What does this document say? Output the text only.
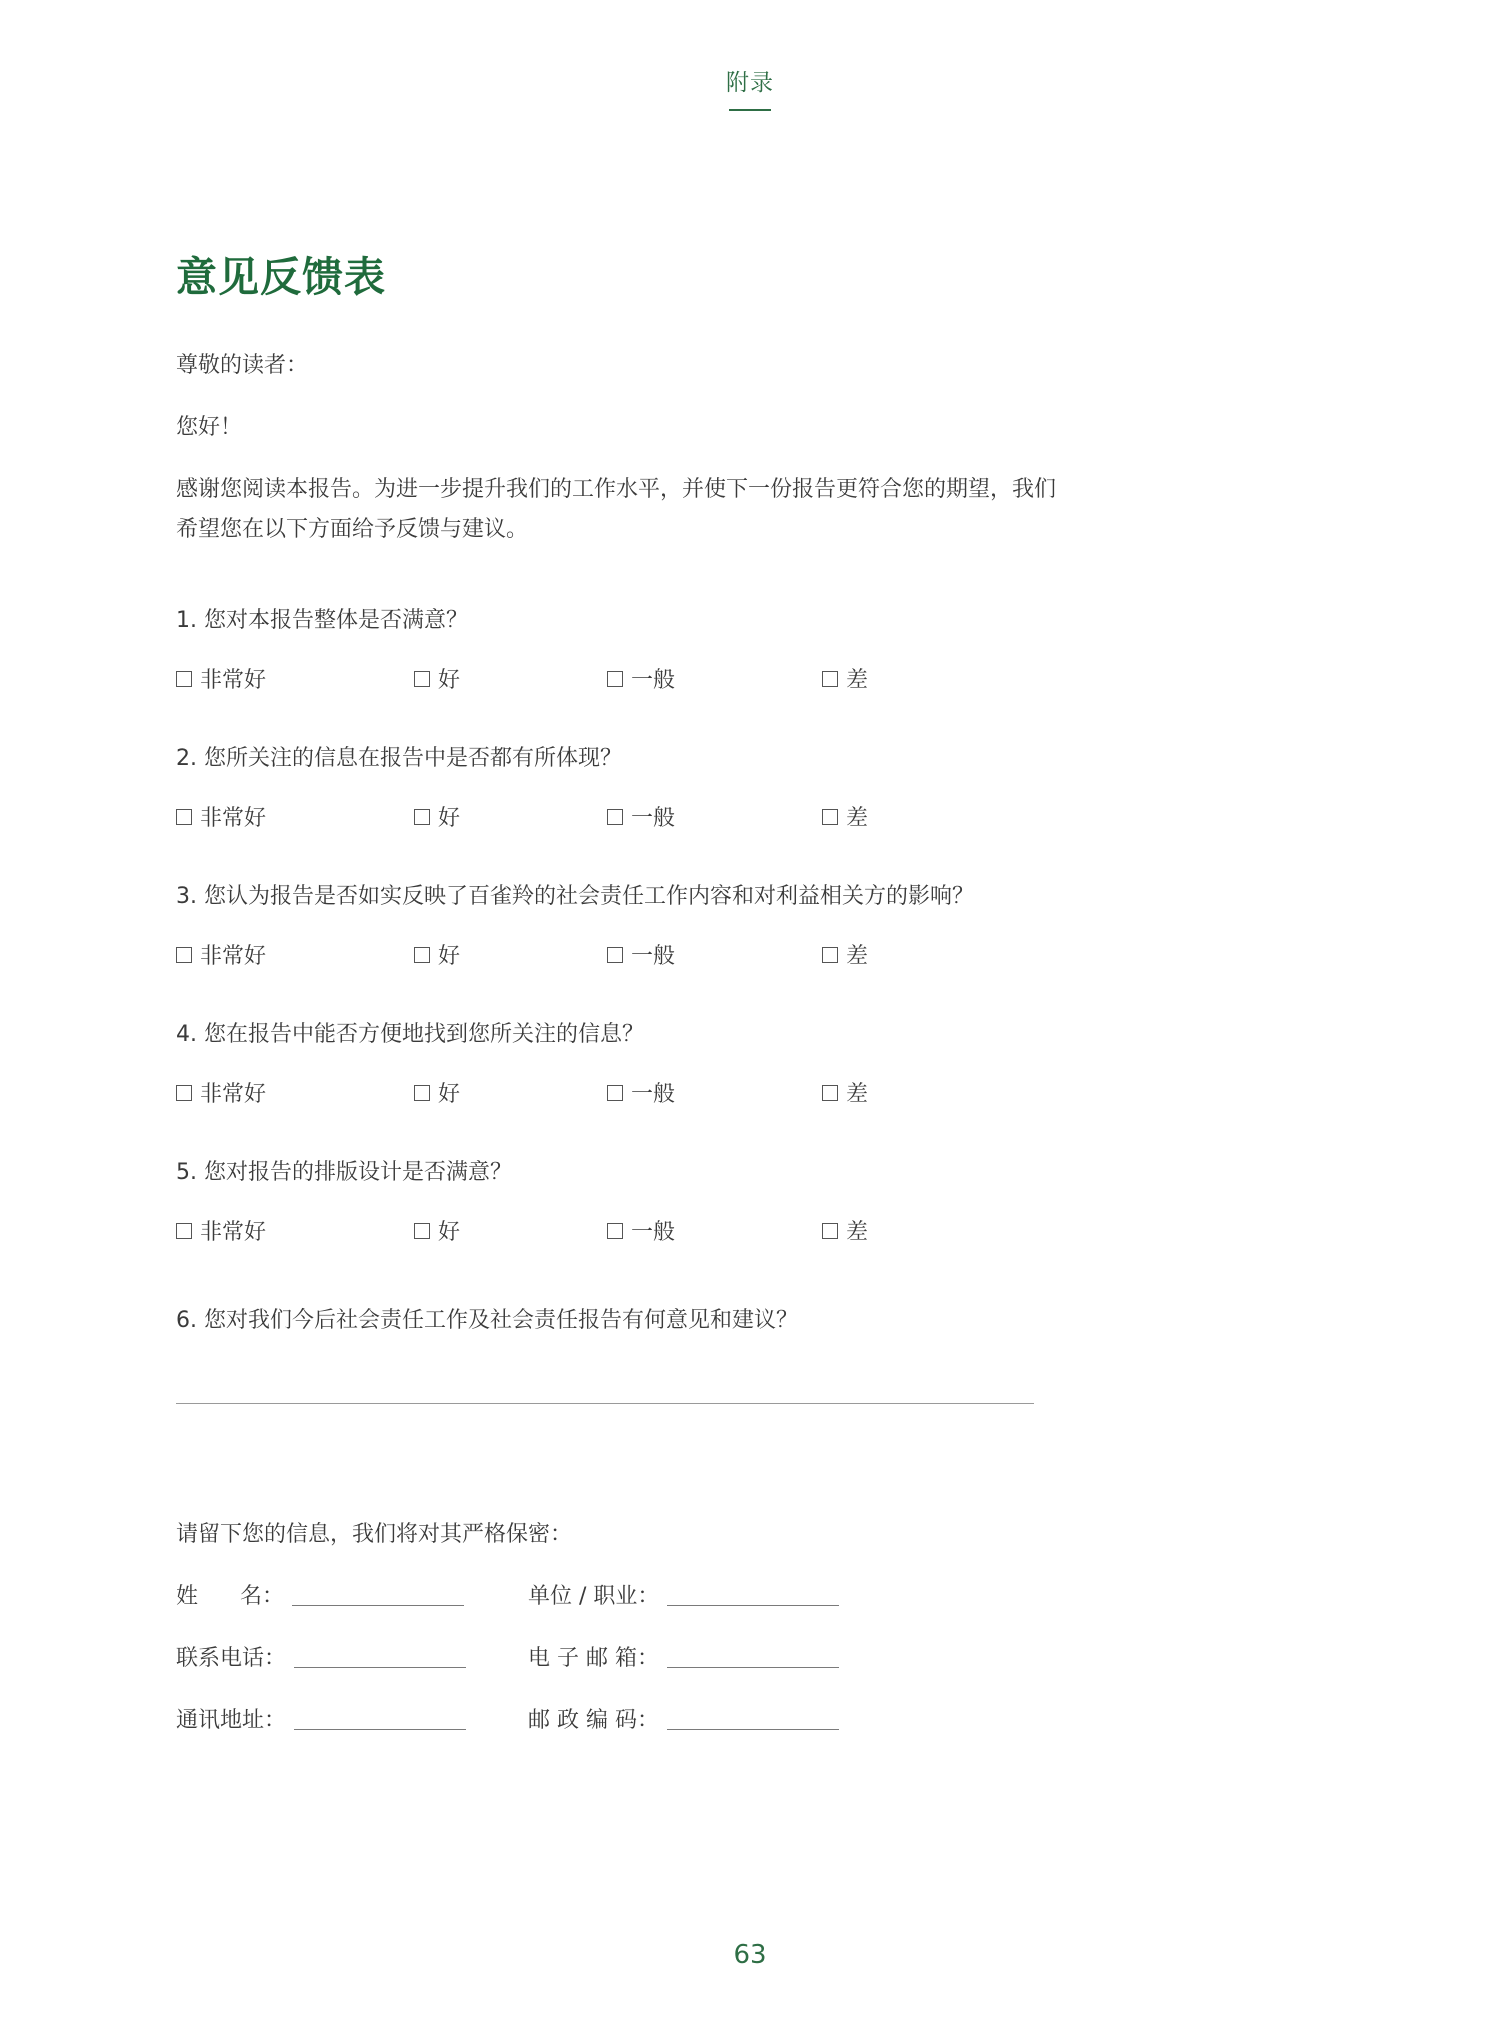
附录
意见反馈表
尊敬的读者：
您好！
感谢您阅读本报告。为进一步提升我们的工作水平，并使下一份报告更符合您的期望，我们希望您在以下方面给予反馈与建议。
1. 您对本报告整体是否满意？
非常好	好	一般	差
2. 您所关注的信息在报告中是否都有所体现？
非常好	好	一般	差
3. 您认为报告是否如实反映了百雀羚的社会责任工作内容和对利益相关方的影响？
非常好	好	一般	差
4. 您在报告中能否方便地找到您所关注的信息？
非常好	好	一般	差
5. 您对报告的排版设计是否满意？
非常好	好	一般	差
6. 您对我们今后社会责任工作及社会责任报告有何意见和建议？
请留下您的信息，我们将对其严格保密：
姓      名：	单位 / 职业：
联系电话：	电 子 邮 箱：
通讯地址：	邮 政 编 码：
63
